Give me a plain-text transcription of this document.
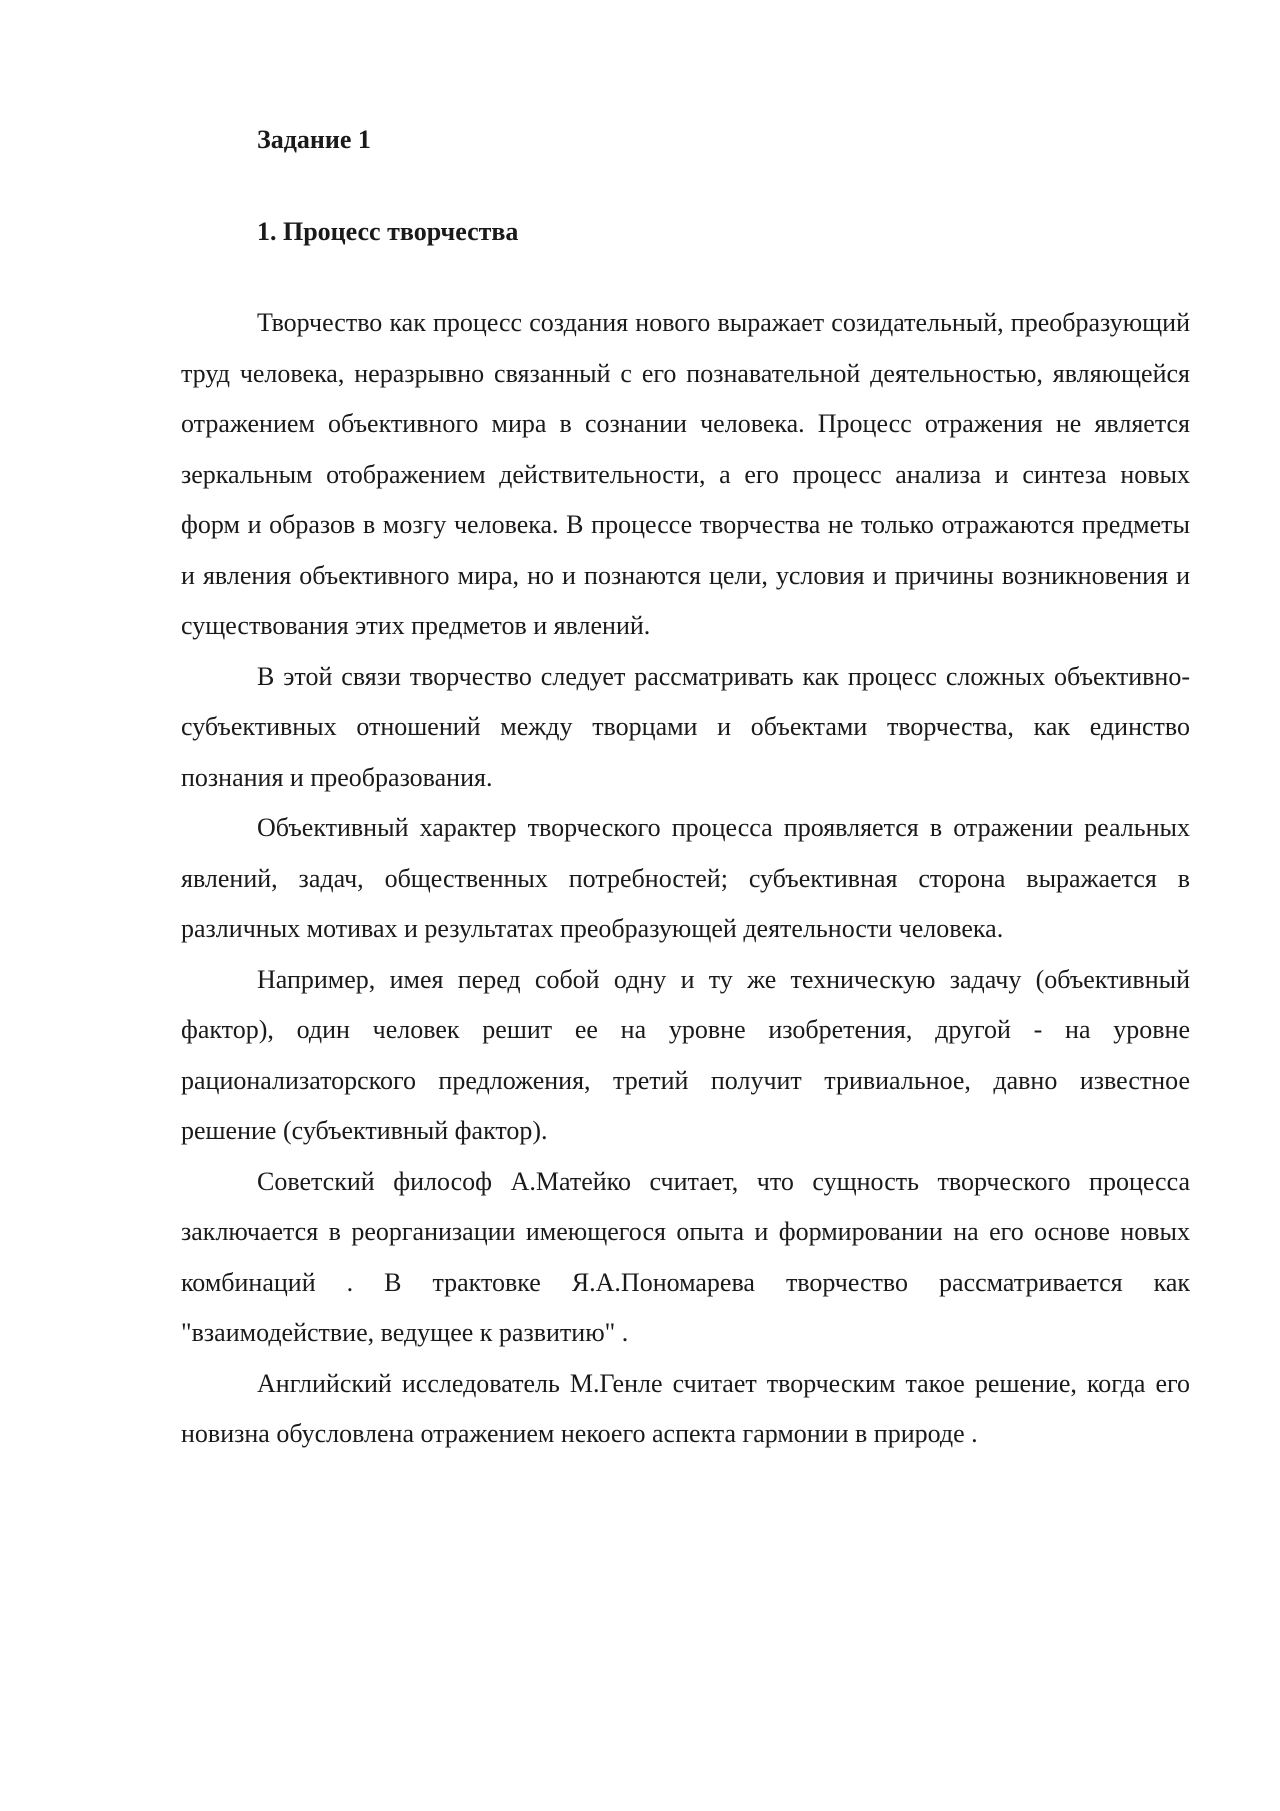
Задание 1
1. Процесс творчества

Творчество как процесс создания нового выражает созидательный, преобразующий труд человека, неразрывно связанный с его познавательной деятельностью, являющейся отражением объективного мира в сознании человека. Процесс отражения не является зеркальным отображением действительности, а его процесс анализа и синтеза новых форм и образов в мозгу человека. В процессе творчества не только отражаются предметы и явления объективного мира, но и познаются цели, условия и причины возникновения и существования этих предметов и явлений.

В этой связи творчество следует рассматривать как процесс сложных объективно-субъективных отношений между творцами и объектами творчества, как единство познания и преобразования.

Объективный характер творческого процесса проявляется в отражении реальных явлений, задач, общественных потребностей; субъективная сторона выражается в различных мотивах и результатах преобразующей деятельности человека.

Например, имея перед собой одну и ту же техническую задачу (объективный фактор), один человек решит ее на уровне изобретения, другой - на уровне рационализаторского предложения, третий получит тривиальное, давно известное решение (субъективный фактор).

Советский философ А.Матейко считает, что сущность творческого процесса заключается в реорганизации имеющегося опыта и формировании на его основе новых комбинаций . В трактовке Я.А.Пономарева творчество рассматривается как "взаимодействие, ведущее к развитию" .

Английский исследователь М.Генле считает творческим такое решение, когда его новизна обусловлена отражением некоего аспекта гармонии в природе .
